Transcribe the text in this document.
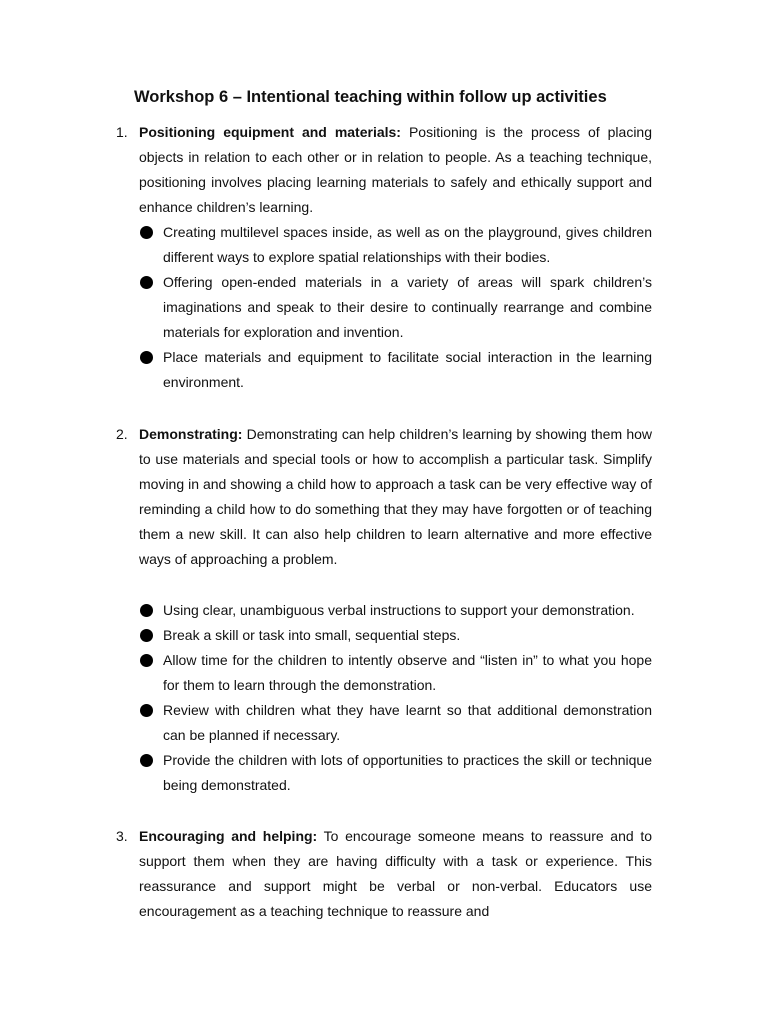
Workshop 6 – Intentional teaching within follow up activities
1. Positioning equipment and materials: Positioning is the process of placing objects in relation to each other or in relation to people. As a teaching technique, positioning involves placing learning materials to safely and ethically support and enhance children’s learning.

Creating multilevel spaces inside, as well as on the playground, gives children different ways to explore spatial relationships with their bodies.
Offering open-ended materials in a variety of areas will spark children’s imaginations and speak to their desire to continually rearrange and combine materials for exploration and invention.
Place materials and equipment to facilitate social interaction in the learning environment.
2. Demonstrating: Demonstrating can help children’s learning by showing them how to use materials and special tools or how to accomplish a particular task. Simplify moving in and showing a child how to approach a task can be very effective way of reminding a child how to do something that they may have forgotten or of teaching them a new skill. It can also help children to learn alternative and more effective ways of approaching a problem.

Using clear, unambiguous verbal instructions to support your demonstration.
Break a skill or task into small, sequential steps.
Allow time for the children to intently observe and “listen in” to what you hope for them to learn through the demonstration.
Review with children what they have learnt so that additional demonstration can be planned if necessary.
Provide the children with lots of opportunities to practices the skill or technique being demonstrated.
3. Encouraging and helping: To encourage someone means to reassure and to support them when they are having difficulty with a task or experience. This reassurance and support might be verbal or non-verbal. Educators use encouragement as a teaching technique to reassure and
